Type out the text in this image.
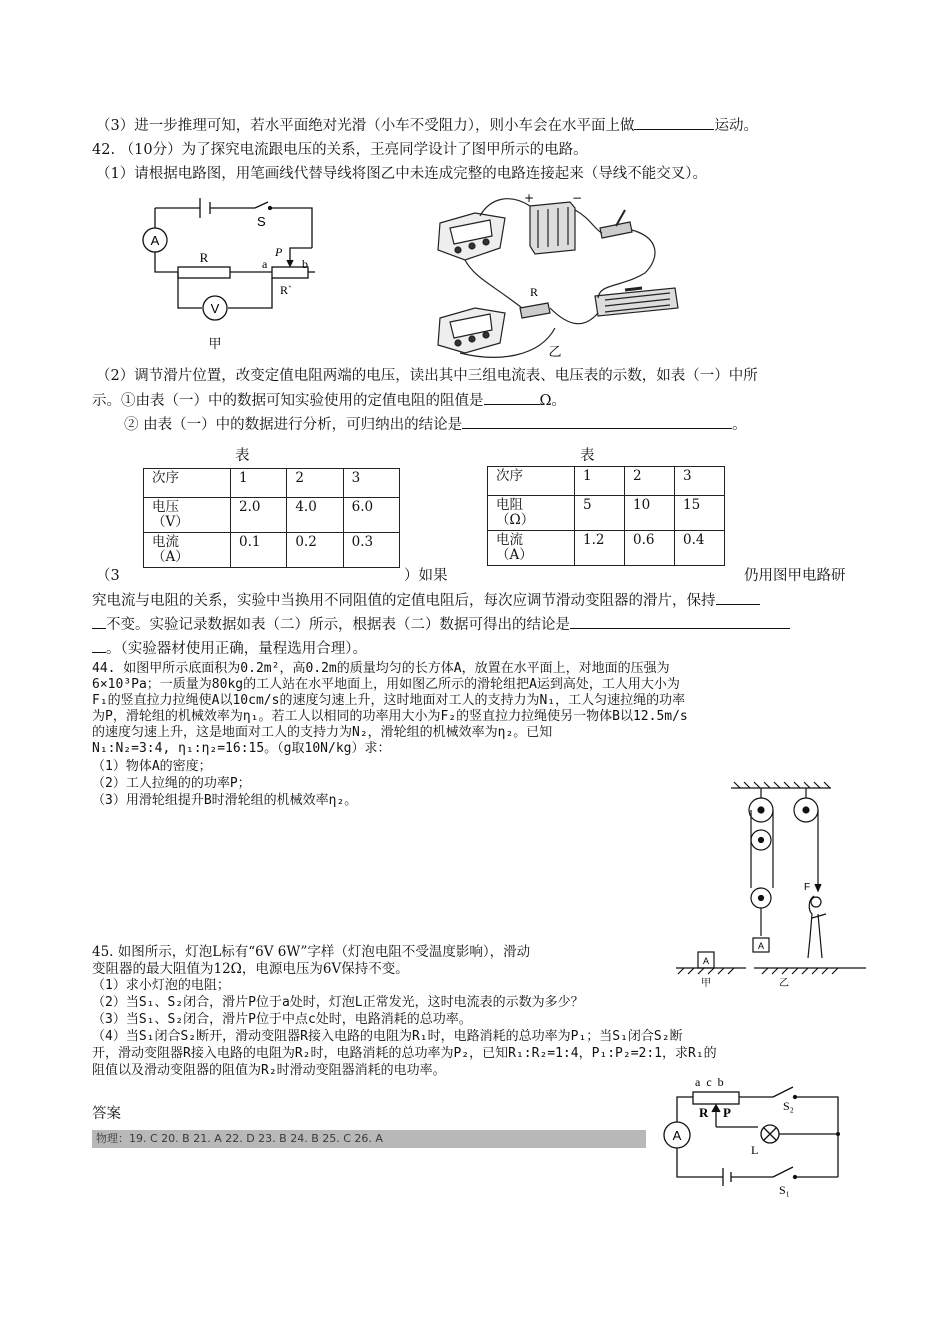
（3）进一步推理可知，若水平面绝对光滑（小车不受阻力），则小车会在水平面上做	运动。
42. （10分）为了探究电流跟电压的关系，王亮同学设计了图甲所示的电路。
（1）请根据电路图，用笔画线代替导线将图乙中未连成完整的电路连接起来（导线不能交叉）。
A
S
R	P
a	b
R`
V
甲
+	−
R
乙
（2）调节滑片位置，改变定值电阻两端的电压，读出其中三组电流表、电压表的示数，如表（一）中所
示。①由表（一）中的数据可知实验使用的定值电阻的阻值是	Ω。
② 由表（一）中的数据进行分析，可归纳出的结论是	。
表
次序	1	2	3
电压
（V）	2.0	4.0	6.0
电流
（A）	0.1	0.2	0.3
表
次序	1	2	3
电阻
（Ω）	5	10	15
电流
（A）	1.2	0.6	0.4
（3	）如果	仍用图甲电路研
究电流与电阻的关系，实验中当换用不同阻值的定值电阻后，每次应调节滑动变阻器的滑片，保持
不变。实验记录数据如表（二）所示，根据表（二）数据可得出的结论是
。（实验器材使用正确，量程选用合理）。
44. 如图甲所示底面积为0.2m²，高0.2m的质量均匀的长方体A，放置在水平面上，对地面的压强为
6×10³Pa；一质量为80kg的工人站在水平地面上，用如图乙所示的滑轮组把A运到高处，工人用大小为
F₁的竖直拉力拉绳使A以10cm/s的速度匀速上升，这时地面对工人的支持力为N₁，工人匀速拉绳的功率
为P，滑轮组的机械效率为η₁。若工人以相同的功率用大小为F₂的竖直拉力拉绳使另一物体B以12.5m/s
的速度匀速上升，这是地面对工人的支持力为N₂，滑轮组的机械效率为η₂。已知
N₁:N₂=3:4, η₁:η₂=16:15。（g取10N/kg）求：
（1）物体A的密度；
（2）工人拉绳的的功率P；
（3）用滑轮组提升B时滑轮组的机械效率η₂。
F
A
A
甲	乙
45. 如图所示，灯泡L标有“6V 6W”字样（灯泡电阻不受温度影响），滑动
变阻器的最大阻值为12Ω，电源电压为6V保持不变。
（1）求小灯泡的电阻；
（2）当S₁、S₂闭合，滑片P位于a处时，灯泡L正常发光，这时电流表的示数为多少？
（3）当S₁、S₂闭合，滑片P位于中点c处时，电路消耗的总功率。
（4）当S₁闭合S₂断开，滑动变阻器R接入电路的电阻为R₁时，电路消耗的总功率为P₁；当S₁闭合S₂断
开，滑动变阻器R接入电路的电阻为R₂时，电路消耗的总功率为P₂，已知R₁:R₂=1:4，P₁:P₂=2:1，求R₁的
阻值以及滑动变阻器的阻值为R₂时滑动变阻器消耗的电功率。
A
a  c  b
R P	S₂
L
S₁
答案
物理：19. C 20. B 21. A 22. D 23. B 24. B 25. C 26. A
